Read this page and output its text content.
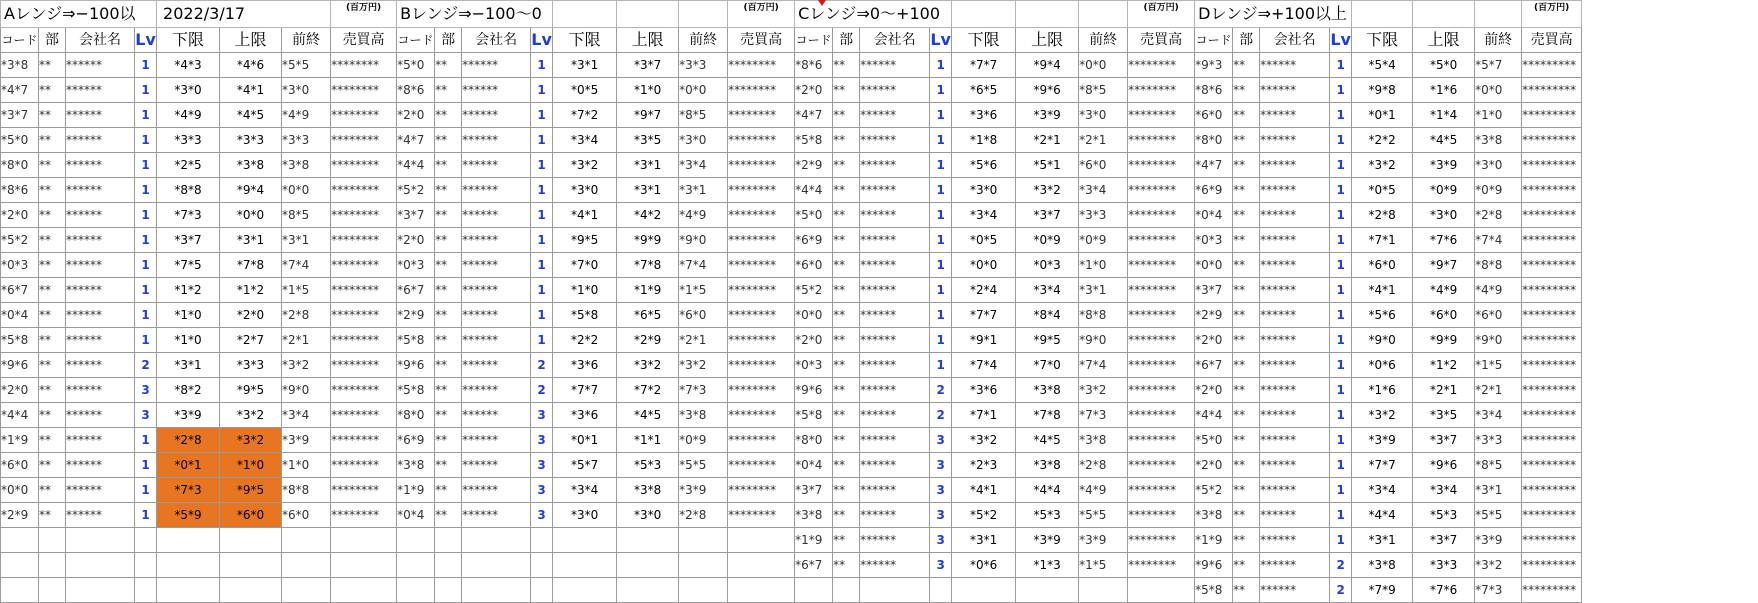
Aレンジ⇒−100以				2022/3/17			(百万円)	Bレンジ⇒−100〜0							(百万円)	Cレンジ⇒0〜+100							(百万円)	Dレンジ⇒+100以上							(百万円)
コード	部	会社名	Lv	下限	上限	前終	売買高	コード	部	会社名	Lv	下限	上限	前終	売買高	コード	部	会社名	Lv	下限	上限	前終	売買高	コード	部	会社名	Lv	下限	上限	前終	売買高
*3*8	**	******	1	*4*3	*4*6	*5*5	********	*5*0	**	******	1	*3*1	*3*7	*3*3	********	*8*6	**	******	1	*7*7	*9*4	*0*0	********	*9*3	**	******	1	*5*4	*5*0	*5*7	*********
*4*7	**	******	1	*3*0	*4*1	*3*0	********	*8*6	**	******	1	*0*5	*1*0	*0*0	********	*2*0	**	******	1	*6*5	*9*6	*8*5	********	*8*6	**	******	1	*9*8	*1*6	*0*0	*********
*3*7	**	******	1	*4*9	*4*5	*4*9	********	*2*0	**	******	1	*7*2	*9*7	*8*5	********	*4*7	**	******	1	*3*6	*3*9	*3*0	********	*6*0	**	******	1	*0*1	*1*4	*1*0	*********
*5*0	**	******	1	*3*3	*3*3	*3*3	********	*4*7	**	******	1	*3*4	*3*5	*3*0	********	*5*8	**	******	1	*1*8	*2*1	*2*1	********	*8*0	**	******	1	*2*2	*4*5	*3*8	*********
*8*0	**	******	1	*2*5	*3*8	*3*8	********	*4*4	**	******	1	*3*2	*3*1	*3*4	********	*2*9	**	******	1	*5*6	*5*1	*6*0	********	*4*7	**	******	1	*3*2	*3*9	*3*0	*********
*8*6	**	******	1	*8*8	*9*4	*0*0	********	*5*2	**	******	1	*3*0	*3*1	*3*1	********	*4*4	**	******	1	*3*0	*3*2	*3*4	********	*6*9	**	******	1	*0*5	*0*9	*0*9	*********
*2*0	**	******	1	*7*3	*0*0	*8*5	********	*3*7	**	******	1	*4*1	*4*2	*4*9	********	*5*0	**	******	1	*3*4	*3*7	*3*3	********	*0*4	**	******	1	*2*8	*3*0	*2*8	*********
*5*2	**	******	1	*3*7	*3*1	*3*1	********	*2*0	**	******	1	*9*5	*9*9	*9*0	********	*6*9	**	******	1	*0*5	*0*9	*0*9	********	*0*3	**	******	1	*7*1	*7*6	*7*4	*********
*0*3	**	******	1	*7*5	*7*8	*7*4	********	*0*3	**	******	1	*7*0	*7*8	*7*4	********	*6*0	**	******	1	*0*0	*0*3	*1*0	********	*0*0	**	******	1	*6*0	*9*7	*8*8	*********
*6*7	**	******	1	*1*2	*1*2	*1*5	********	*6*7	**	******	1	*1*0	*1*9	*1*5	********	*5*2	**	******	1	*2*4	*3*4	*3*1	********	*3*7	**	******	1	*4*1	*4*9	*4*9	*********
*0*4	**	******	1	*1*0	*2*0	*2*8	********	*2*9	**	******	1	*5*8	*6*5	*6*0	********	*0*0	**	******	1	*7*7	*8*4	*8*8	********	*2*9	**	******	1	*5*6	*6*0	*6*0	*********
*5*8	**	******	1	*1*0	*2*7	*2*1	********	*5*8	**	******	1	*2*2	*2*9	*2*1	********	*2*0	**	******	1	*9*1	*9*5	*9*0	********	*2*0	**	******	1	*9*0	*9*9	*9*0	*********
*9*6	**	******	2	*3*1	*3*3	*3*2	********	*9*6	**	******	2	*3*6	*3*2	*3*2	********	*0*3	**	******	1	*7*4	*7*0	*7*4	********	*6*7	**	******	1	*0*6	*1*2	*1*5	*********
*2*0	**	******	3	*8*2	*9*5	*9*0	********	*5*8	**	******	2	*7*7	*7*2	*7*3	********	*9*6	**	******	2	*3*6	*3*8	*3*2	********	*2*0	**	******	1	*1*6	*2*1	*2*1	*********
*4*4	**	******	3	*3*9	*3*2	*3*4	********	*8*0	**	******	3	*3*6	*4*5	*3*8	********	*5*8	**	******	2	*7*1	*7*8	*7*3	********	*4*4	**	******	1	*3*2	*3*5	*3*4	*********
*1*9	**	******	1	*2*8	*3*2	*3*9	********	*6*9	**	******	3	*0*1	*1*1	*0*9	********	*8*0	**	******	3	*3*2	*4*5	*3*8	********	*5*0	**	******	1	*3*9	*3*7	*3*3	*********
*6*0	**	******	1	*0*1	*1*0	*1*0	********	*3*8	**	******	3	*5*7	*5*3	*5*5	********	*0*4	**	******	3	*2*3	*3*8	*2*8	********	*2*0	**	******	1	*7*7	*9*6	*8*5	*********
*0*0	**	******	1	*7*3	*9*5	*8*8	********	*1*9	**	******	3	*3*4	*3*8	*3*9	********	*3*7	**	******	3	*4*1	*4*4	*4*9	********	*5*2	**	******	1	*3*4	*3*4	*3*1	*********
*2*9	**	******	1	*5*9	*6*0	*6*0	********	*0*4	**	******	3	*3*0	*3*0	*2*8	********	*3*8	**	******	3	*5*2	*5*3	*5*5	********	*3*8	**	******	1	*4*4	*5*3	*5*5	*********
																*1*9	**	******	3	*3*1	*3*9	*3*9	********	*1*9	**	******	1	*3*1	*3*7	*3*9	*********
																*6*7	**	******	3	*0*6	*1*3	*1*5	********	*9*6	**	******	2	*3*8	*3*3	*3*2	*********
																								*5*8	**	******	2	*7*9	*7*6	*7*3	*********
